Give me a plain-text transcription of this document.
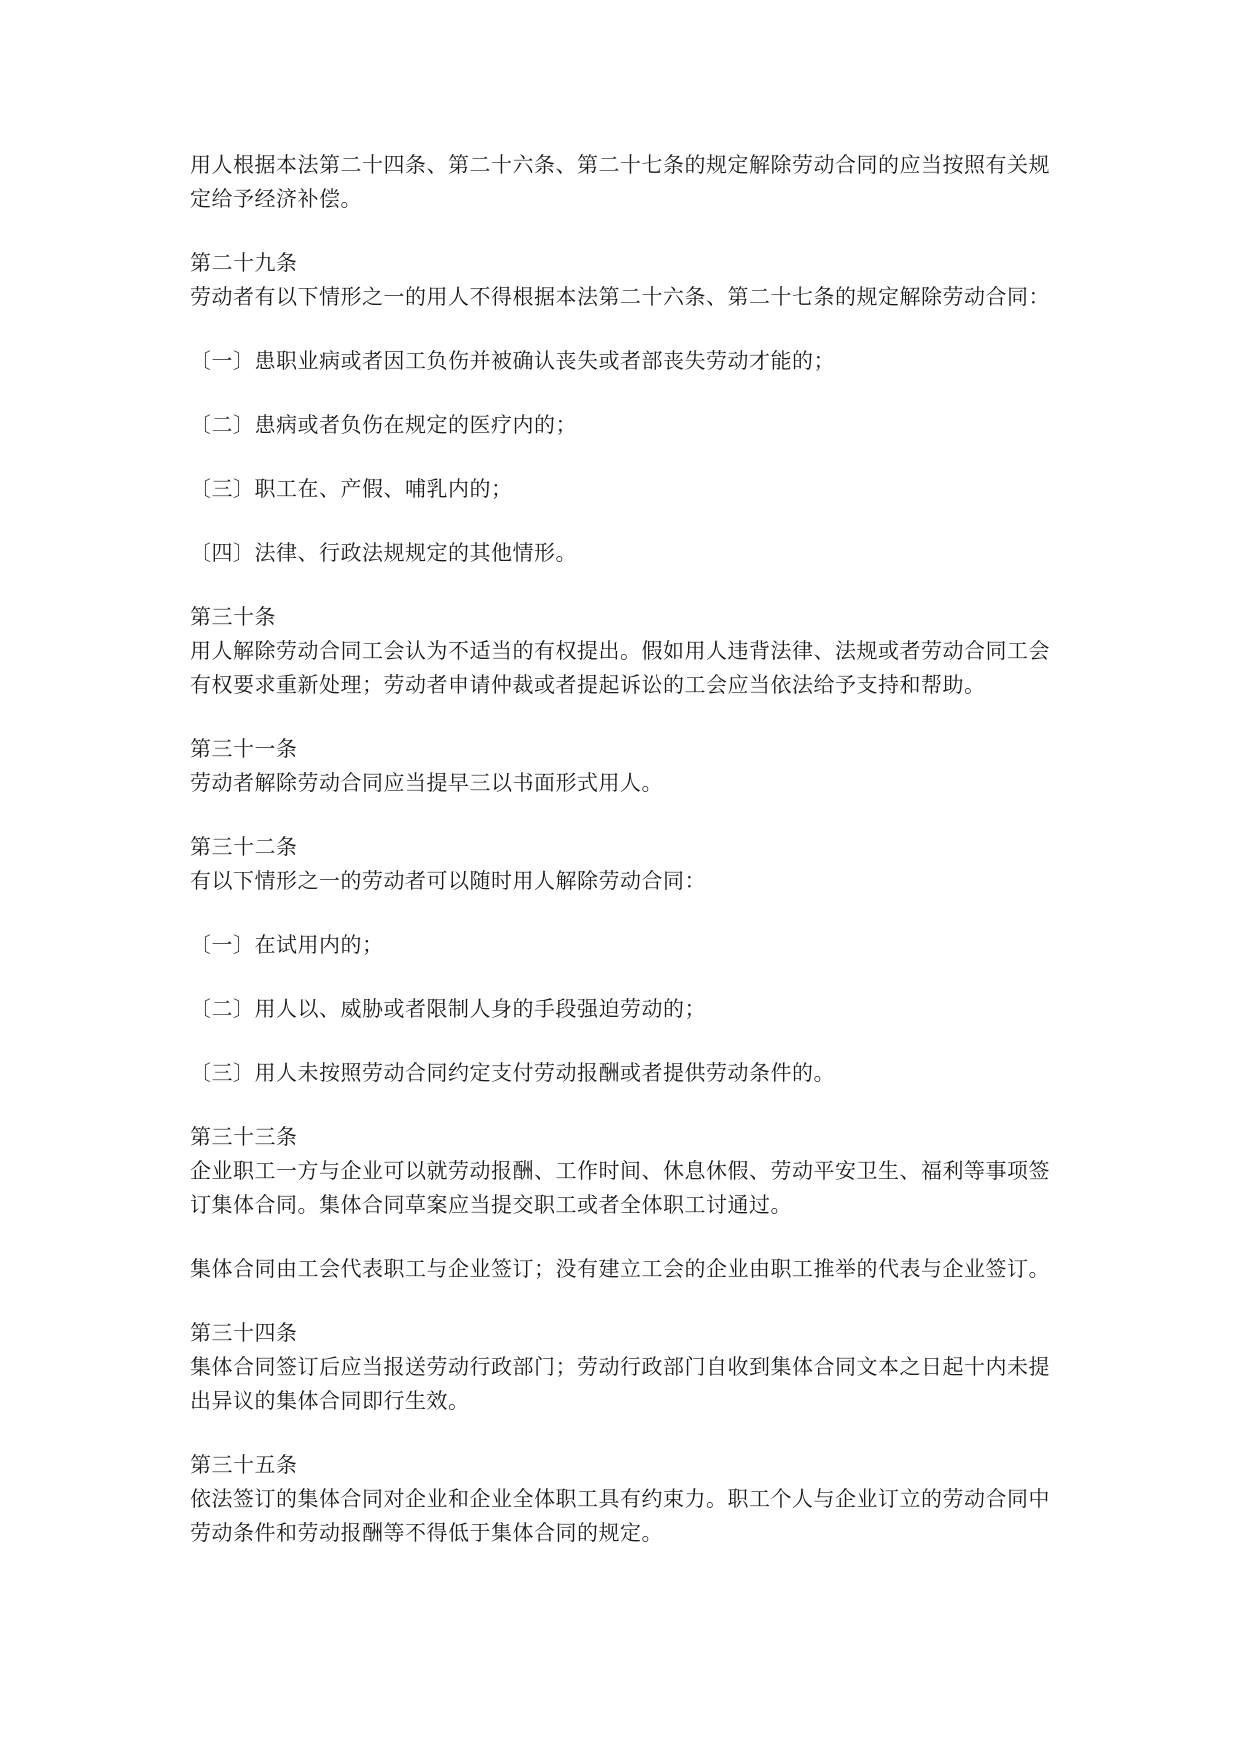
用人根据本法第二十四条、第二十六条、第二十七条的规定解除劳动合同的应当按照有关规定给予经济补偿。

第二十九条
劳动者有以下情形之一的用人不得根据本法第二十六条、第二十七条的规定解除劳动合同：

〔一〕患职业病或者因工负伤并被确认丧失或者部丧失劳动才能的；

〔二〕患病或者负伤在规定的医疗内的；

〔三〕职工在、产假、哺乳内的；

〔四〕法律、行政法规规定的其他情形。

第三十条
用人解除劳动合同工会认为不适当的有权提出。假如用人违背法律、法规或者劳动合同工会有权要求重新处理；劳动者申请仲裁或者提起诉讼的工会应当依法给予支持和帮助。
第三十一条
劳动者解除劳动合同应当提早三以书面形式用人。
第三十二条
有以下情形之一的劳动者可以随时用人解除劳动合同：

〔一〕在试用内的；

〔二〕用人以、威胁或者限制人身的手段强迫劳动的；

〔三〕用人未按照劳动合同约定支付劳动报酬或者提供劳动条件的。

第三十三条
企业职工一方与企业可以就劳动报酬、工作时间、休息休假、劳动平安卫生、福利等事项签订集体合同。集体合同草案应当提交职工或者全体职工讨通过。

集体合同由工会代表职工与企业签订；没有建立工会的企业由职工推举的代表与企业签订。

第三十四条
集体合同签订后应当报送劳动行政部门；劳动行政部门自收到集体合同文本之日起十内未提出异议的集体合同即行生效。
第三十五条
依法签订的集体合同对企业和企业全体职工具有约束力。职工个人与企业订立的劳动合同中劳动条件和劳动报酬等不得低于集体合同的规定。
